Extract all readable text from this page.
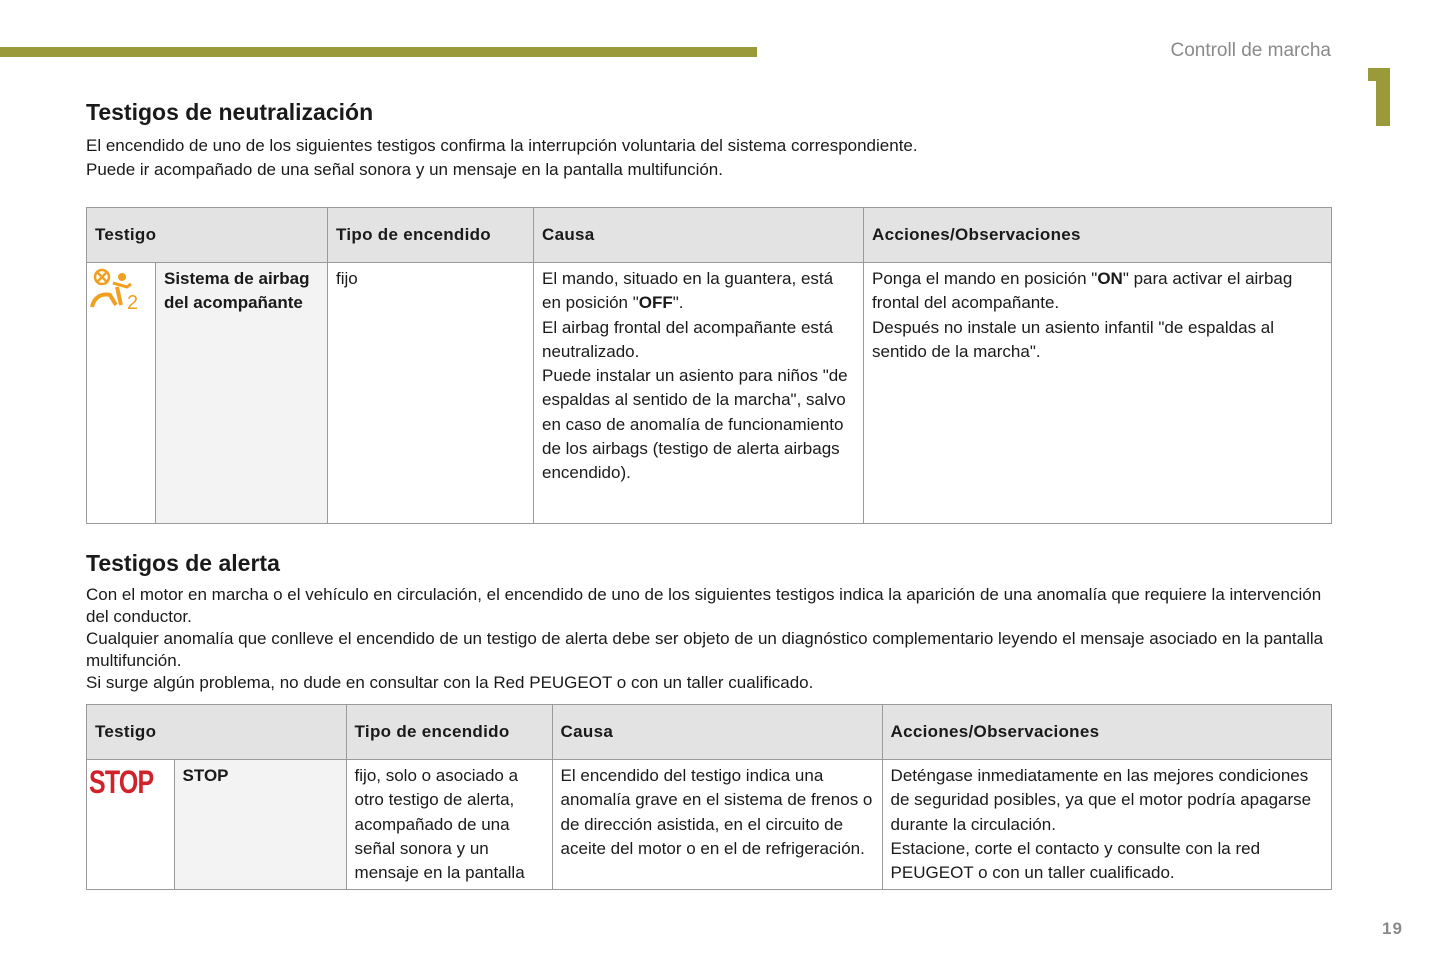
Controll de marcha
19
Testigos de neutralización
El encendido de uno de los siguientes testigos confirma la interrupción voluntaria del sistema correspondiente.
Puede ir acompañado de una señal sonora y un mensaje en la pantalla multifunción.
Testigo		Tipo de encendido	Causa	Acciones/Observaciones

2	Sistema de airbag del acompañante	fijo	El mando, situado en la guantera, está en posición "OFF".
El airbag frontal del acompañante está neutralizado.
Puede instalar un asiento para niños "de espaldas al sentido de la marcha", salvo en caso de anomalía de funcionamiento de los airbags (testigo de alerta airbags encendido).	Ponga el mando en posición "ON" para activar el airbag frontal del acompañante.
Después no instale un asiento infantil "de espaldas al sentido de la marcha".
Testigos de alerta
Con el motor en marcha o el vehículo en circulación, el encendido de uno de los siguientes testigos indica la aparición de una anomalía que requiere la intervención del conductor.
Cualquier anomalía que conlleve el encendido de un testigo de alerta debe ser objeto de un diagnóstico complementario leyendo el mensaje asociado en la pantalla multifunción.
Si surge algún problema, no dude en consultar con la Red PEUGEOT o con un taller cualificado.
Testigo		Tipo de encendido	Causa	Acciones/Observaciones
STOP	STOP	fijo, solo o asociado a otro testigo de alerta, acompañado de una señal sonora y un mensaje en la pantalla	El encendido del testigo indica una anomalía grave en el sistema de frenos o de dirección asistida, en el circuito de aceite del motor o en el de refrigeración.	Deténgase inmediatamente en las mejores condiciones de seguridad posibles, ya que el motor podría apagarse durante la circulación.
Estacione, corte el contacto y consulte con la red PEUGEOT o con un taller cualificado.
